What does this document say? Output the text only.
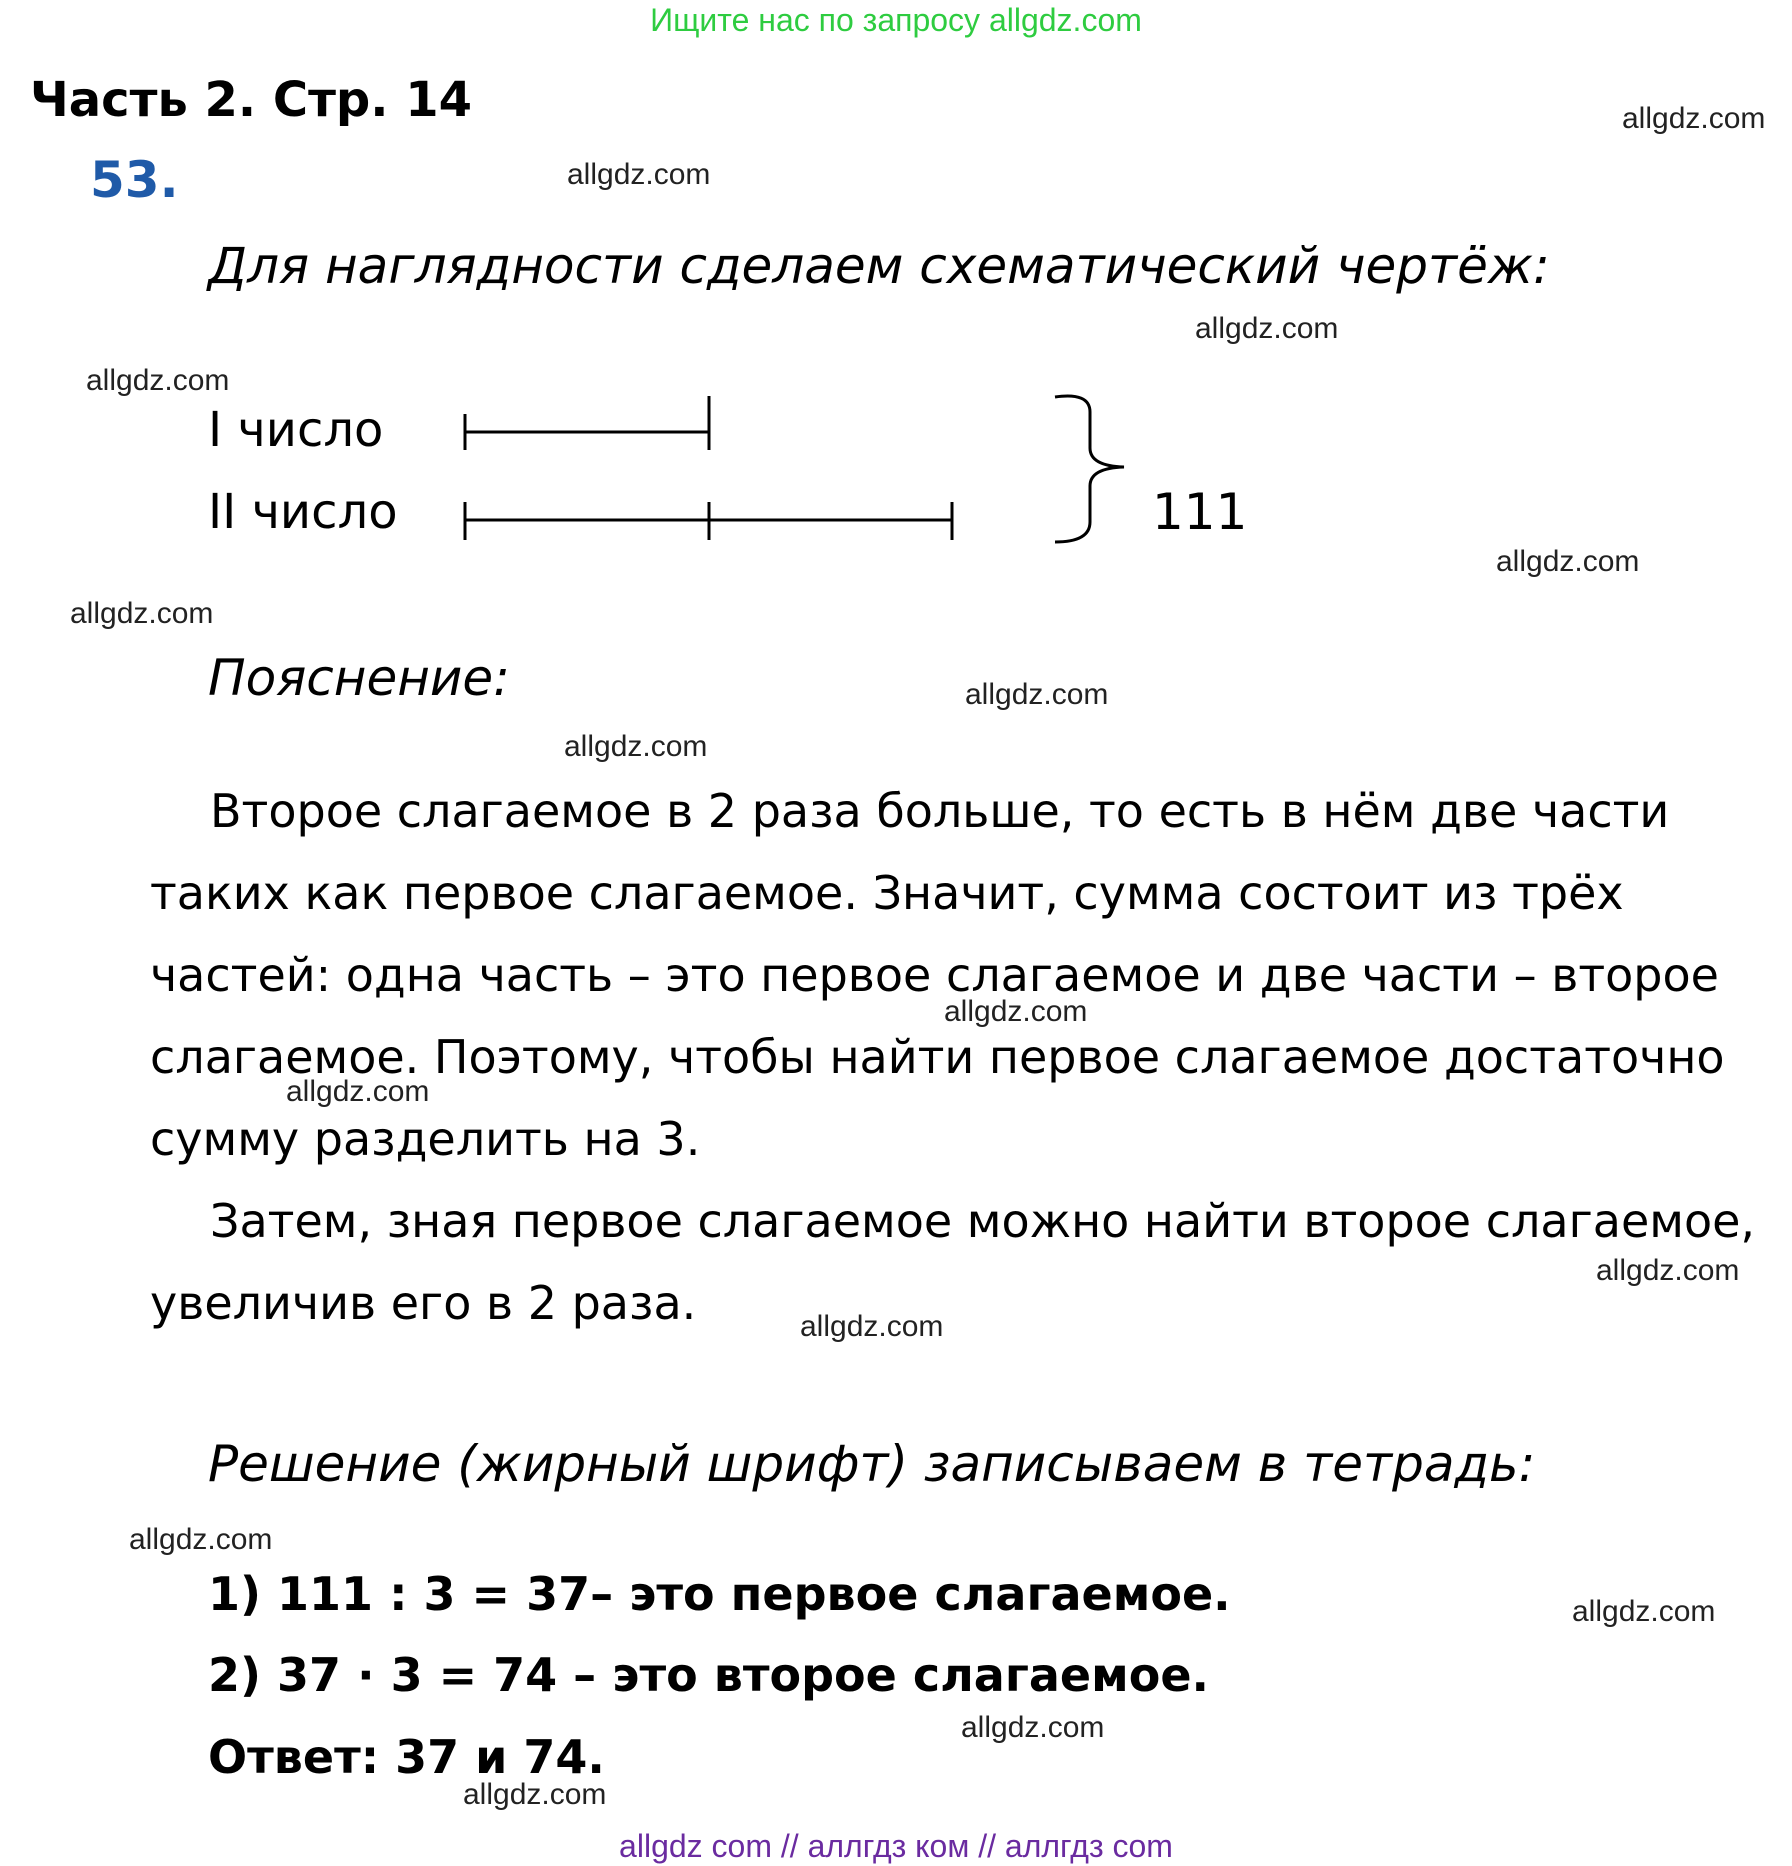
Ищите нас по запросу allgdz.com
Часть 2. Стр. 14
53.
Для наглядности сделаем схематический чертёж:
I число
II число	111
Пояснение:

Второе слагаемое в 2 раза больше, то есть в нём две части таких как первое слагаемое. Значит, сумма состоит из трёх частей: одна часть – это первое слагаемое и две части – второе слагаемое. Поэтому, чтобы найти первое слагаемое достаточно сумму разделить на 3.

Затем, зная первое слагаемое можно найти второе слагаемое, увеличив его в 2 раза.

Решение (жирный шрифт) записываем в тетрадь:
1) 111 : 3 = 37– это первое слагаемое.
2) 37 · 3 = 74 – это второе слагаемое.
Ответ: 37 и 74.
allgdz.com
allgdz.com
allgdz.com
allgdz.com
allgdz.com
allgdz.com
allgdz.com
allgdz.com
allgdz.com
allgdz.com
allgdz.com
allgdz.com
allgdz.com
allgdz.com
allgdz.com
allgdz.com
allgdz com // аллгдз ком // аллгдз com
